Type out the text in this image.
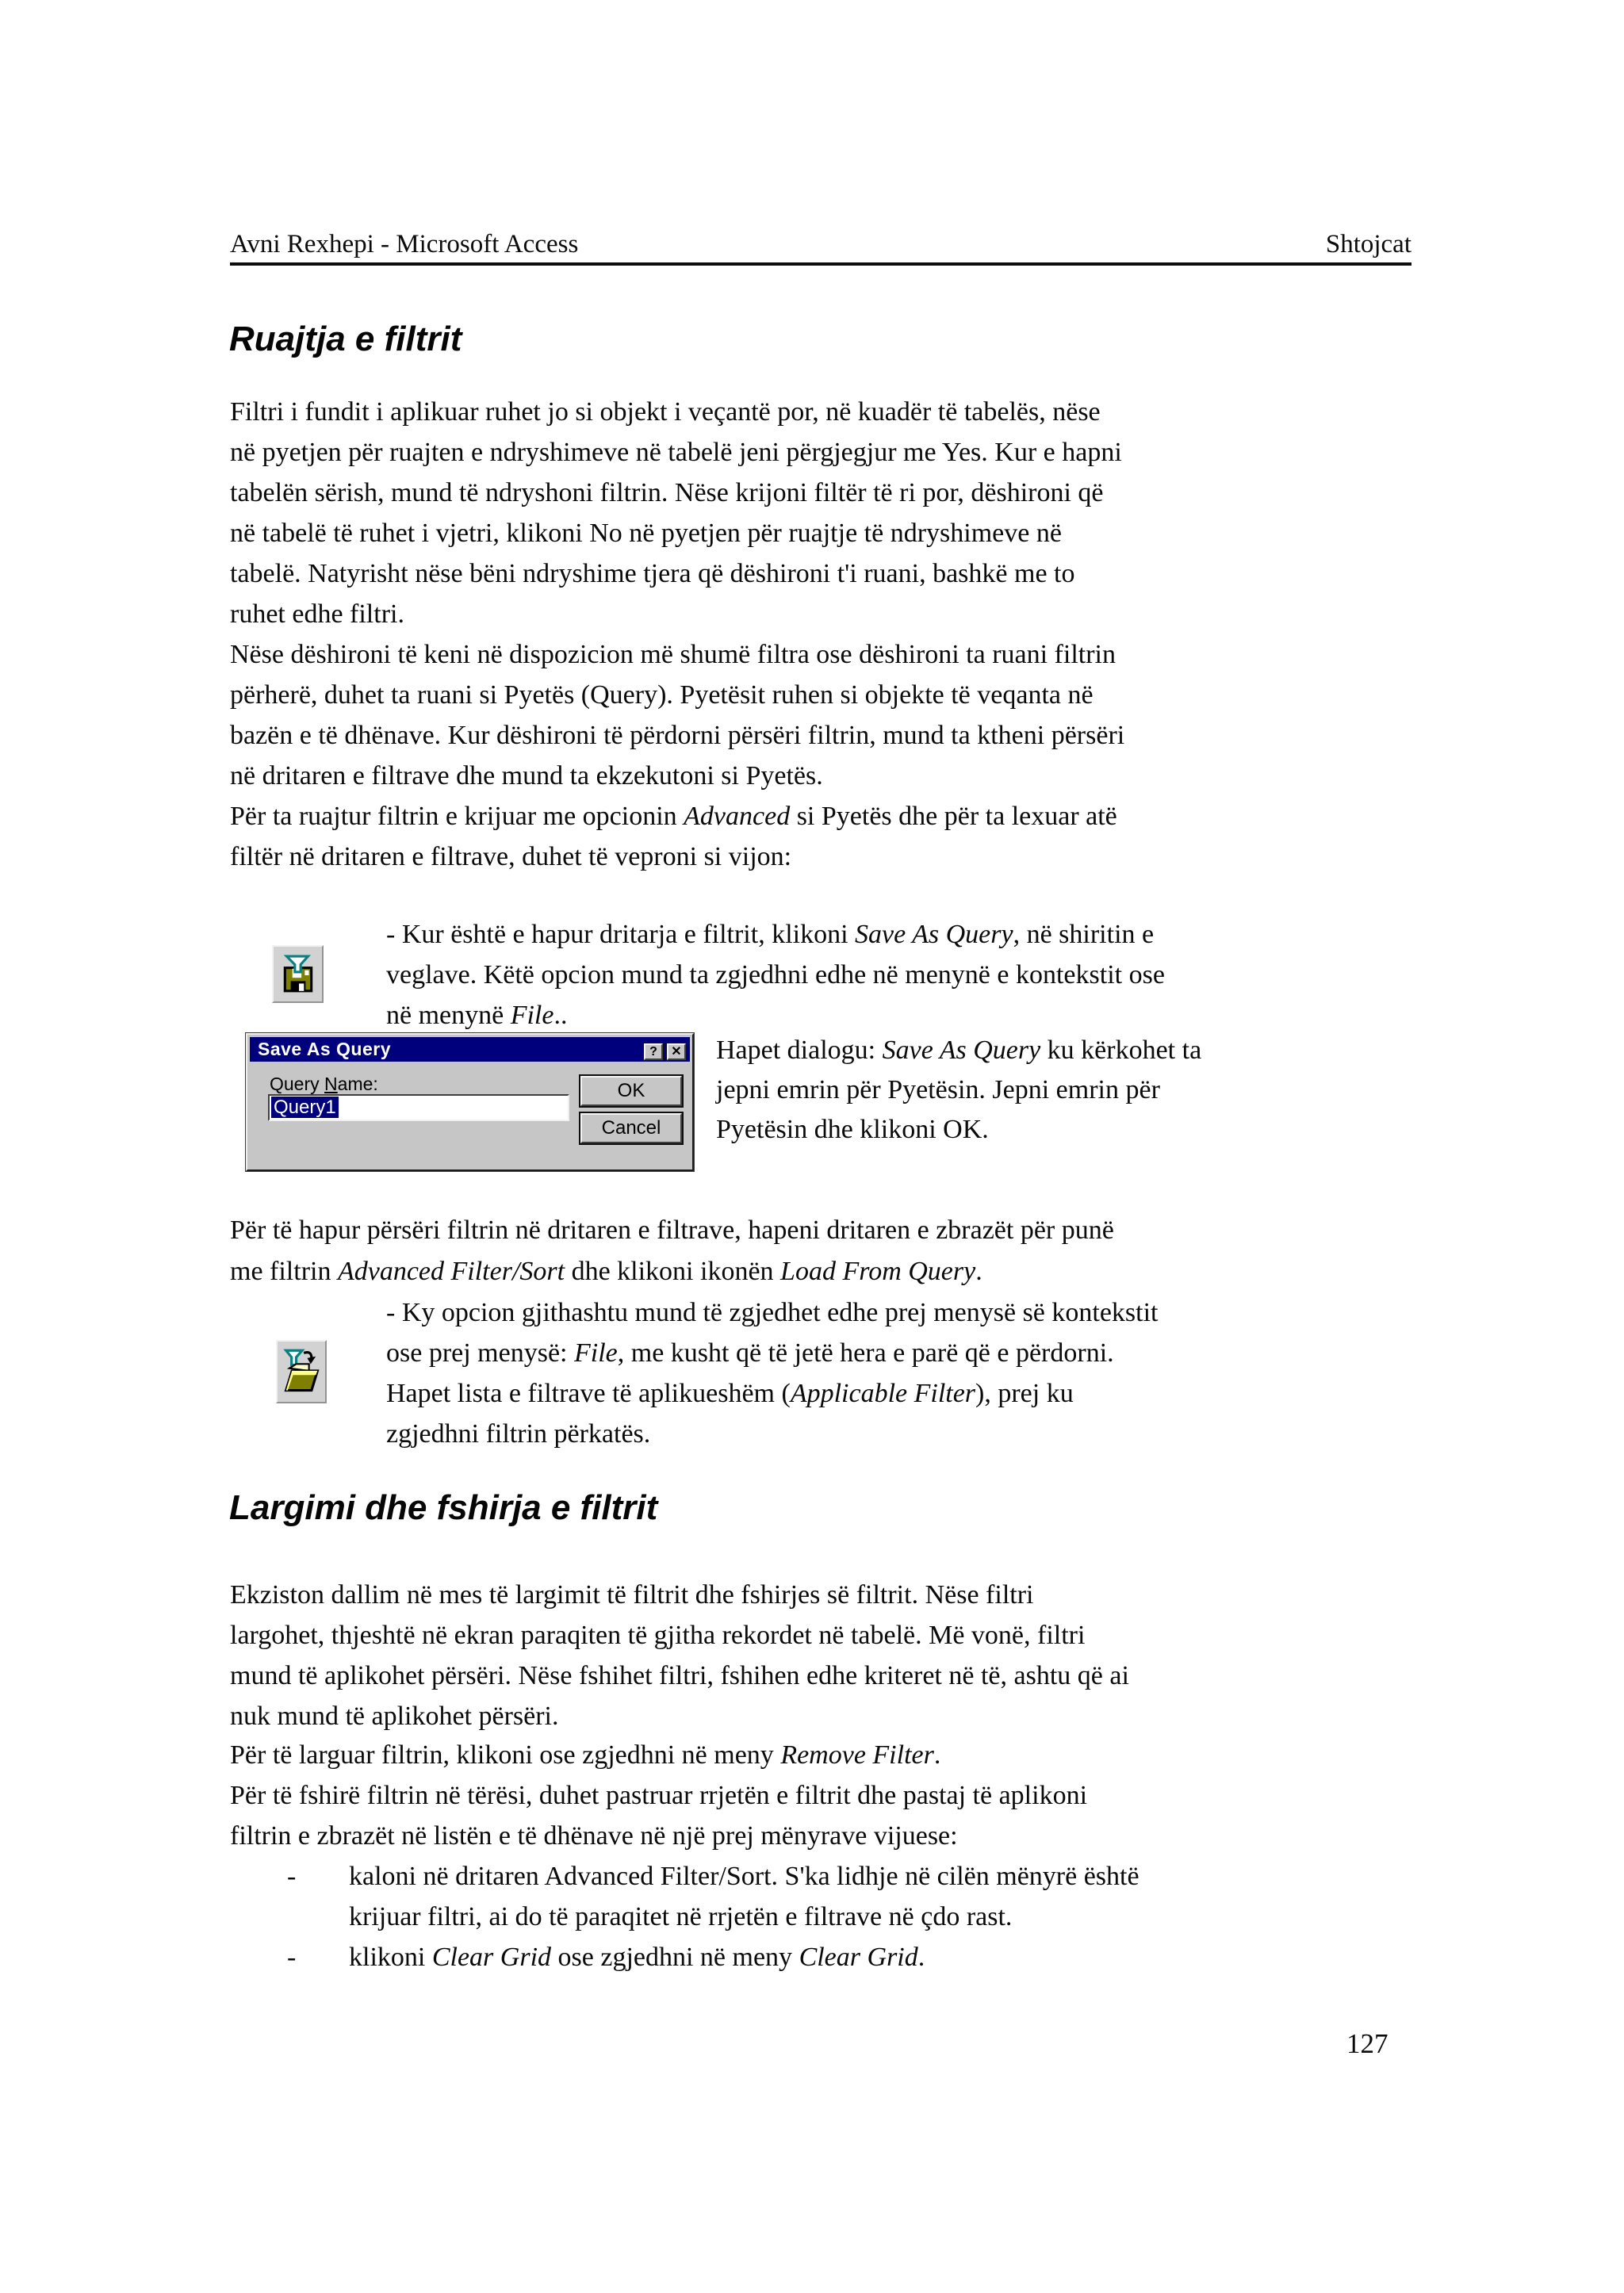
Avni Rexhepi - Microsoft Access	Shtojcat
Ruajtja e filtrit
Filtri i fundit i aplikuar ruhet jo si objekt i veçantë por, në kuadër të tabelës, nëse
në pyetjen për ruajten e ndryshimeve në tabelë jeni përgjegjur me Yes. Kur e hapni
tabelën sërish, mund të ndryshoni filtrin. Nëse krijoni filtër të ri por, dëshironi që
në tabelë të ruhet i vjetri, klikoni No në pyetjen për ruajtje të ndryshimeve në
tabelë. Natyrisht nëse bëni ndryshime tjera që dëshironi t'i ruani, bashkë me to
ruhet edhe filtri.
Nëse dëshironi të keni në dispozicion më shumë filtra ose dëshironi ta ruani filtrin
përherë, duhet ta ruani si Pyetës (Query). Pyetësit ruhen si objekte të veqanta në
bazën e të dhënave. Kur dëshironi të përdorni përsëri filtrin, mund ta ktheni përsëri
në dritaren e filtrave dhe mund ta ekzekutoni si Pyetës.
Për ta ruajtur filtrin e krijuar me opcionin Advanced si Pyetës dhe për ta lexuar atë
filtër në dritaren e filtrave, duhet të veproni si vijon:
- Kur është e hapur dritarja e filtrit, klikoni Save As Query, në shiritin e
veglave. Këtë opcion mund ta zgjedhni edhe në menynë e kontekstit ose
në menynë File..
Save As Query	?	✕
Query Name:
Query1
OK
Cancel
Hapet dialogu: Save As Query ku kërkohet ta
jepni emrin për Pyetësin. Jepni emrin për
Pyetësin dhe klikoni OK.
Për të hapur përsëri filtrin në dritaren e filtrave, hapeni dritaren e zbrazët për punë
me filtrin Advanced Filter/Sort dhe klikoni ikonën Load From Query.
- Ky opcion gjithashtu mund të zgjedhet edhe prej menysë së kontekstit
ose prej menysë: File, me kusht që të jetë hera e parë që e përdorni.
Hapet lista e filtrave të aplikueshëm (Applicable Filter), prej ku
zgjedhni filtrin përkatës.
Largimi dhe fshirja e filtrit
Ekziston dallim në mes të largimit të filtrit dhe fshirjes së filtrit. Nëse filtri
largohet, thjeshtë në ekran paraqiten të gjitha rekordet në tabelë. Më vonë, filtri
mund të aplikohet përsëri. Nëse fshihet filtri, fshihen edhe kriteret në të, ashtu që ai
nuk mund të aplikohet përsëri.
Për të larguar filtrin, klikoni ose zgjedhni në meny Remove Filter.
Për të fshirë filtrin në tërësi, duhet pastruar rrjetën e filtrit dhe pastaj të aplikoni
filtrin e zbrazët në listën e të dhënave në një prej mënyrave vijuese:
- kaloni në dritaren Advanced Filter/Sort. S'ka lidhje në cilën mënyrë është
krijuar filtri, ai do të paraqitet në rrjetën e filtrave në çdo rast.
- klikoni Clear Grid ose zgjedhni në meny Clear Grid.
127
